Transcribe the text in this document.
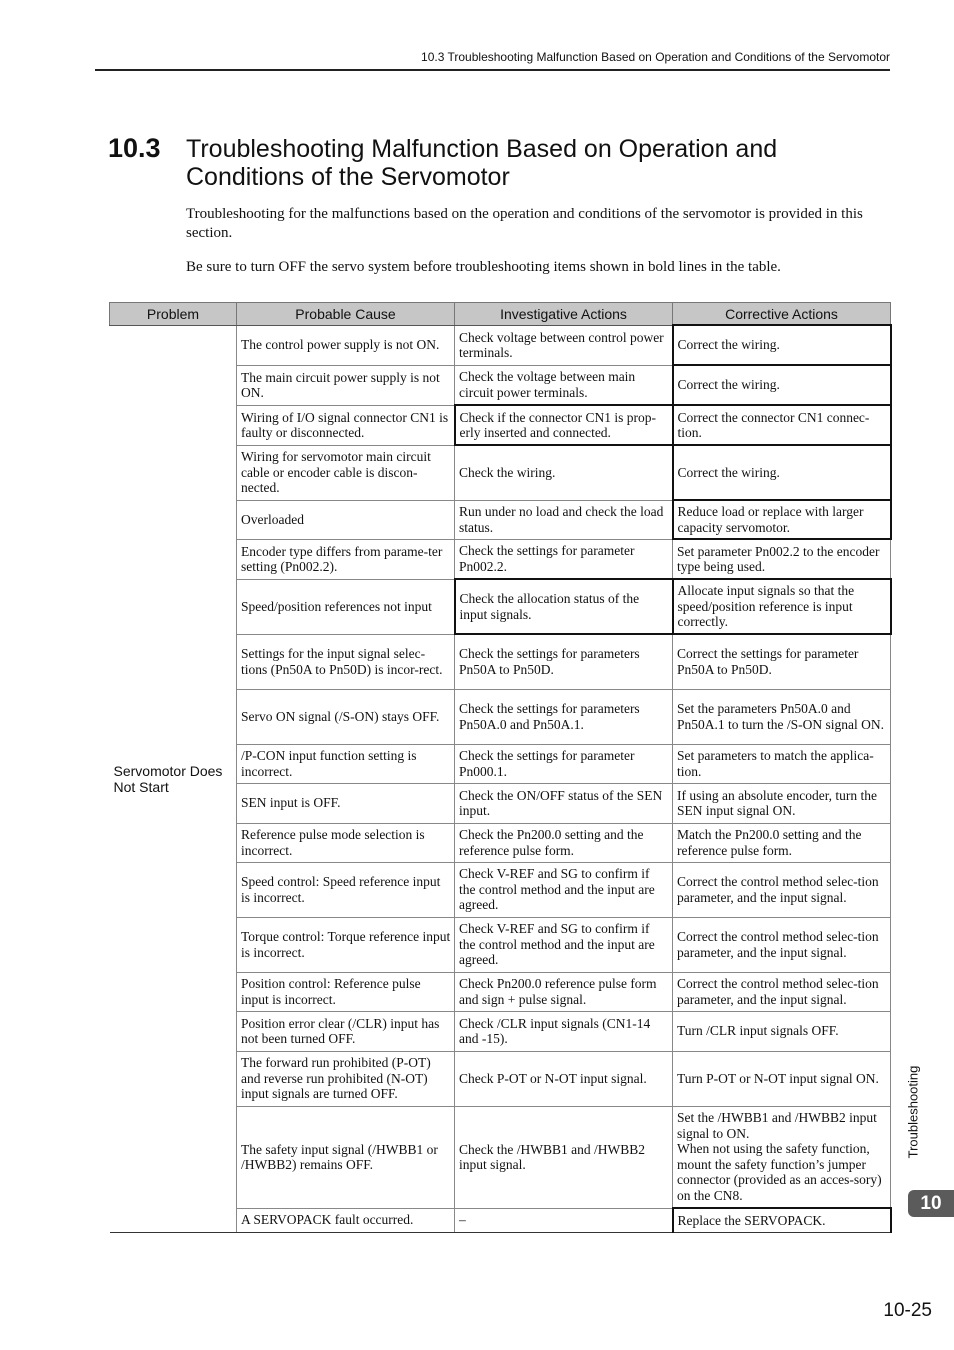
10.3 Troubleshooting Malfunction Based on Operation and Conditions of the Servomotor
10.3 Troubleshooting Malfunction Based on Operation and Conditions of the Servomotor

Troubleshooting for the malfunctions based on the operation and conditions of the servomotor is provided in this section.

Be sure to turn OFF the servo system before troubleshooting items shown in bold lines in the table.

Problem	Probable Cause	Investigative Actions	Corrective Actions
Servomotor Does Not Start	The control power supply is not ON.	Check voltage between control power terminals.	Correct the wiring.
	The main circuit power supply is not ON.	Check the voltage between main circuit power terminals.	Correct the wiring.
	Wiring of I/O signal connector CN1 is faulty or disconnected.	Check if the connector CN1 is prop-erly inserted and connected.	Correct the connector CN1 connec-tion.
	Wiring for servomotor main circuit cable or encoder cable is discon-nected.	Check the wiring.	Correct the wiring.
	Overloaded	Run under no load and check the load status.	Reduce load or replace with larger capacity servomotor.
	Encoder type differs from parame-ter setting (Pn002.2).	Check the settings for parameter Pn002.2.	Set parameter Pn002.2 to the encoder type being used.
	Speed/position references not input	Check the allocation status of the input signals.	Allocate input signals so that the speed/position reference is input correctly.
	Settings for the input signal selec-tions (Pn50A to Pn50D) is incor-rect.	Check the settings for parameters Pn50A to Pn50D.	Correct the settings for parameter Pn50A to Pn50D.
	Servo ON signal (/S-ON) stays OFF.	Check the settings for parameters Pn50A.0 and Pn50A.1.	Set the parameters Pn50A.0 and Pn50A.1 to turn the /S-ON signal ON.
	/P-CON input function setting is incorrect.	Check the settings for parameter Pn000.1.	Set parameters to match the applica-tion.
	SEN input is OFF.	Check the ON/OFF status of the SEN input.	If using an absolute encoder, turn the SEN input signal ON.
	Reference pulse mode selection is incorrect.	Check the Pn200.0 setting and the reference pulse form.	Match the Pn200.0 setting and the reference pulse form.
	Speed control: Speed reference input is incorrect.	Check V-REF and SG to confirm if the control method and the input are agreed.	Correct the control method selec-tion parameter, and the input signal.
	Torque control: Torque reference input is incorrect.	Check V-REF and SG to confirm if the control method and the input are agreed.	Correct the control method selec-tion parameter, and the input signal.
	Position control: Reference pulse input is incorrect.	Check Pn200.0 reference pulse form and sign + pulse signal.	Correct the control method selec-tion parameter, and the input signal.
	Position error clear (/CLR) input has not been turned OFF.	Check /CLR input signals (CN1-14 and -15).	Turn /CLR input signals OFF.
	The forward run prohibited (P-OT) and reverse run prohibited (N-OT) input signals are turned OFF.	Check P-OT or N-OT input signal.	Turn P-OT or N-OT input signal ON.
	The safety input signal (/HWBB1 or /HWBB2) remains OFF.	Check the /HWBB1 and /HWBB2 input signal.	Set the /HWBB1 and /HWBB2 input signal to ON.
When not using the safety function, mount the safety function’s jumper connector (provided as an acces-sory) on the CN8.
	A SERVOPACK fault occurred.	–	Replace the SERVOPACK.
Troubleshooting
10
10-25
